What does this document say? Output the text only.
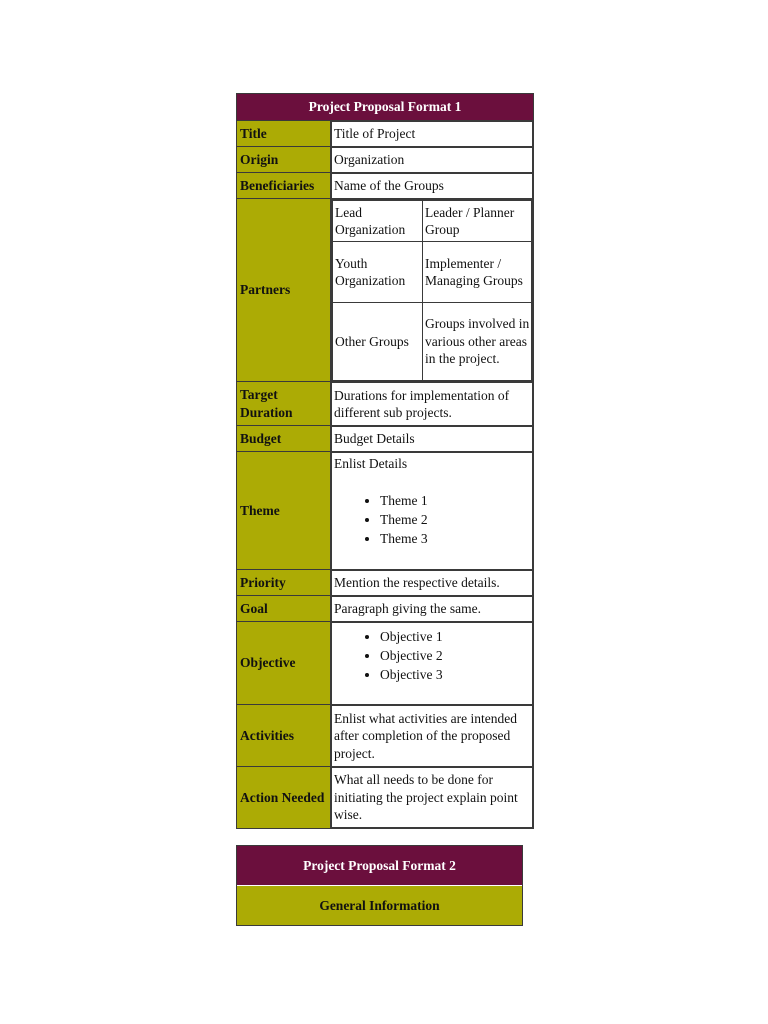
Project Proposal Format 1
Title	Title of Project
Origin	Organization
Beneficiaries	Name of the Groups
Partners	
Lead Organization	Leader / Planner Group
Youth Organization	Implementer / Managing Groups
Other Groups	Groups involved in various other areas in the project.

Target Duration	Durations for implementation of different sub projects.
Budget	Budget Details
Theme	
Enlist Details
• Theme 1
• Theme 2
• Theme 3

Priority	Mention the respective details.
Goal	Paragraph giving the same.
Objective	
• Objective 1
• Objective 2
• Objective 3

Activities	Enlist what activities are intended after completion of the proposed project.
Action Needed	What all needs to be done for initiating the project explain point wise.
Project Proposal Format 2
General Information
